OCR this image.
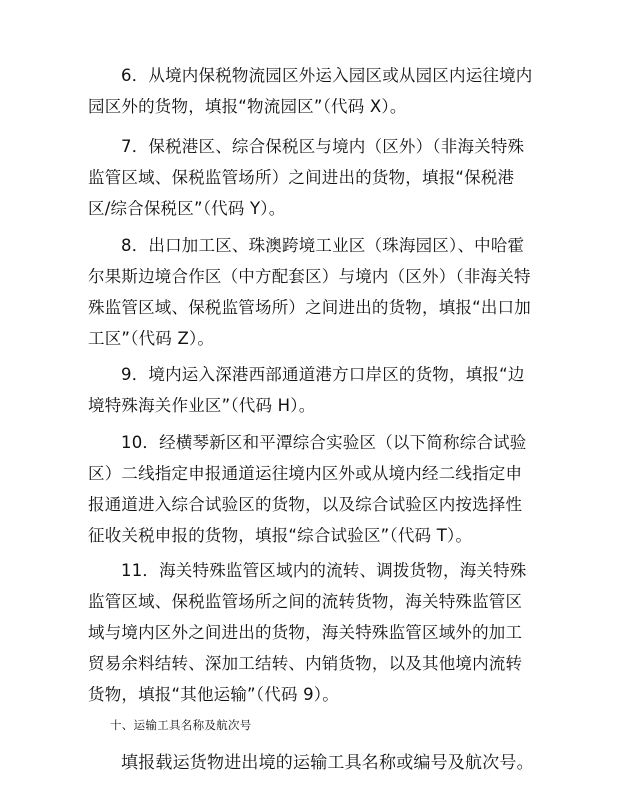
6．从境内保税物流园区外运入园区或从园区内运往境内园区外的货物，填报“物流园区”（代码 X）。

7．保税港区、综合保税区与境内（区外）（非海关特殊监管区域、保税监管场所）之间进出的货物，填报“保税港区/综合保税区”（代码 Y）。

8．出口加工区、珠澳跨境工业区（珠海园区）、中哈霍尔果斯边境合作区（中方配套区）与境内（区外）（非海关特殊监管区域、保税监管场所）之间进出的货物，填报“出口加工区”（代码 Z）。

9．境内运入深港西部通道港方口岸区的货物，填报“边境特殊海关作业区”（代码 H）。

10．经横琴新区和平潭综合实验区（以下简称综合试验区）二线指定申报通道运往境内区外或从境内经二线指定申报通道进入综合试验区的货物，以及综合试验区内按选择性征收关税申报的货物，填报“综合试验区”（代码 T）。

11．海关特殊监管区域内的流转、调拨货物，海关特殊监管区域、保税监管场所之间的流转货物，海关特殊监管区域与境内区外之间进出的货物，海关特殊监管区域外的加工贸易余料结转、深加工结转、内销货物，以及其他境内流转货物，填报“其他运输”（代码 9）。

十、运输工具名称及航次号

填报载运货物进出境的运输工具名称或编号及航次号。
